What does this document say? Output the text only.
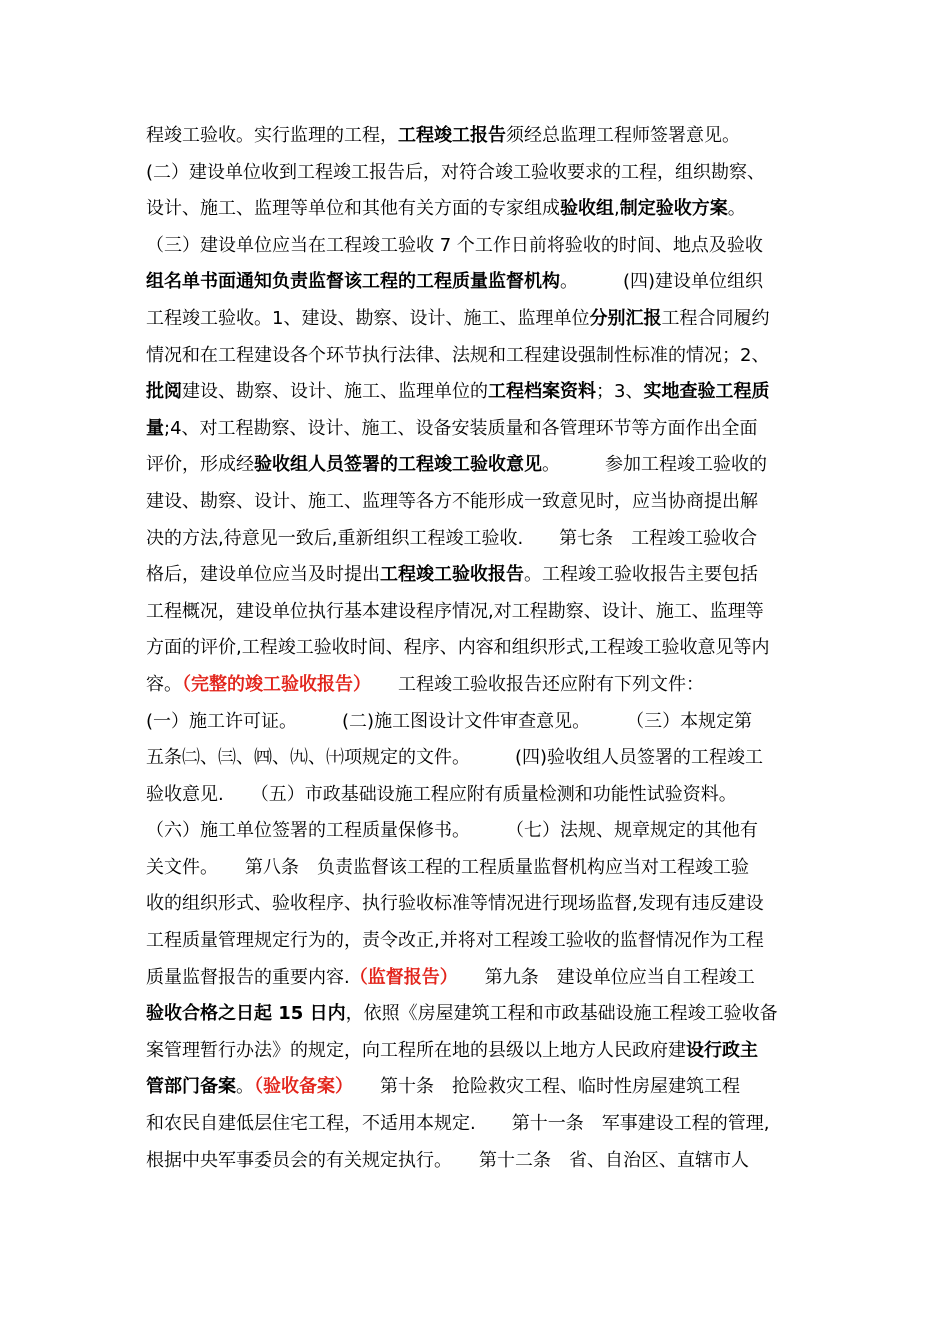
程竣工验收。实行监理的工程，工程竣工报告须经总监理工程师签署意见。
(二）建设单位收到工程竣工报告后，对符合竣工验收要求的工程，组织勘察、
设计、施工、监理等单位和其他有关方面的专家组成验收组,制定验收方案。
（三）建设单位应当在工程竣工验收 7 个工作日前将验收的时间、地点及验收
组名单书面通知负责监督该工程的工程质量监督机构。　　　(四)建设单位组织
工程竣工验收。1、建设、勘察、设计、施工、监理单位分别汇报工程合同履约
情况和在工程建设各个环节执行法律、法规和工程建设强制性标准的情况；2、
批阅建设、勘察、设计、施工、监理单位的工程档案资料；3、实地查验工程质
量;4、对工程勘察、设计、施工、设备安装质量和各管理环节等方面作出全面
评价，形成经验收组人员签署的工程竣工验收意见。　　　参加工程竣工验收的
建设、勘察、设计、施工、监理等各方不能形成一致意见时，应当协商提出解
决的方法,待意见一致后,重新组织工程竣工验收.　　第七条　工程竣工验收合
格后，建设单位应当及时提出工程竣工验收报告。工程竣工验收报告主要包括
工程概况，建设单位执行基本建设程序情况,对工程勘察、设计、施工、监理等
方面的评价,工程竣工验收时间、程序、内容和组织形式,工程竣工验收意见等内
容。（完整的竣工验收报告）　　工程竣工验收报告还应附有下列文件：
(一）施工许可证。　　　(二)施工图设计文件审查意见。　　　（三）本规定第
五条㈡、㈢、㈣、㈨、㈩项规定的文件。　　　(四)验收组人员签署的工程竣工
验收意见.　　（五）市政基础设施工程应附有质量检测和功能性试验资料。
（六）施工单位签署的工程质量保修书。　　　（七）法规、规章规定的其他有
关文件。　　第八条　负责监督该工程的工程质量监督机构应当对工程竣工验
收的组织形式、验收程序、执行验收标准等情况进行现场监督,发现有违反建设
工程质量管理规定行为的，责令改正,并将对工程竣工验收的监督情况作为工程
质量监督报告的重要内容.（监督报告）　　第九条　建设单位应当自工程竣工
验收合格之日起 15 日内，依照《房屋建筑工程和市政基础设施工程竣工验收备
案管理暂行办法》的规定，向工程所在地的县级以上地方人民政府建设行政主
管部门备案。（验收备案）　　第十条　抢险救灾工程、临时性房屋建筑工程
和农民自建低层住宅工程，不适用本规定.　　第十一条　军事建设工程的管理,
根据中央军事委员会的有关规定执行。　　第十二条　省、自治区、直辖市人
